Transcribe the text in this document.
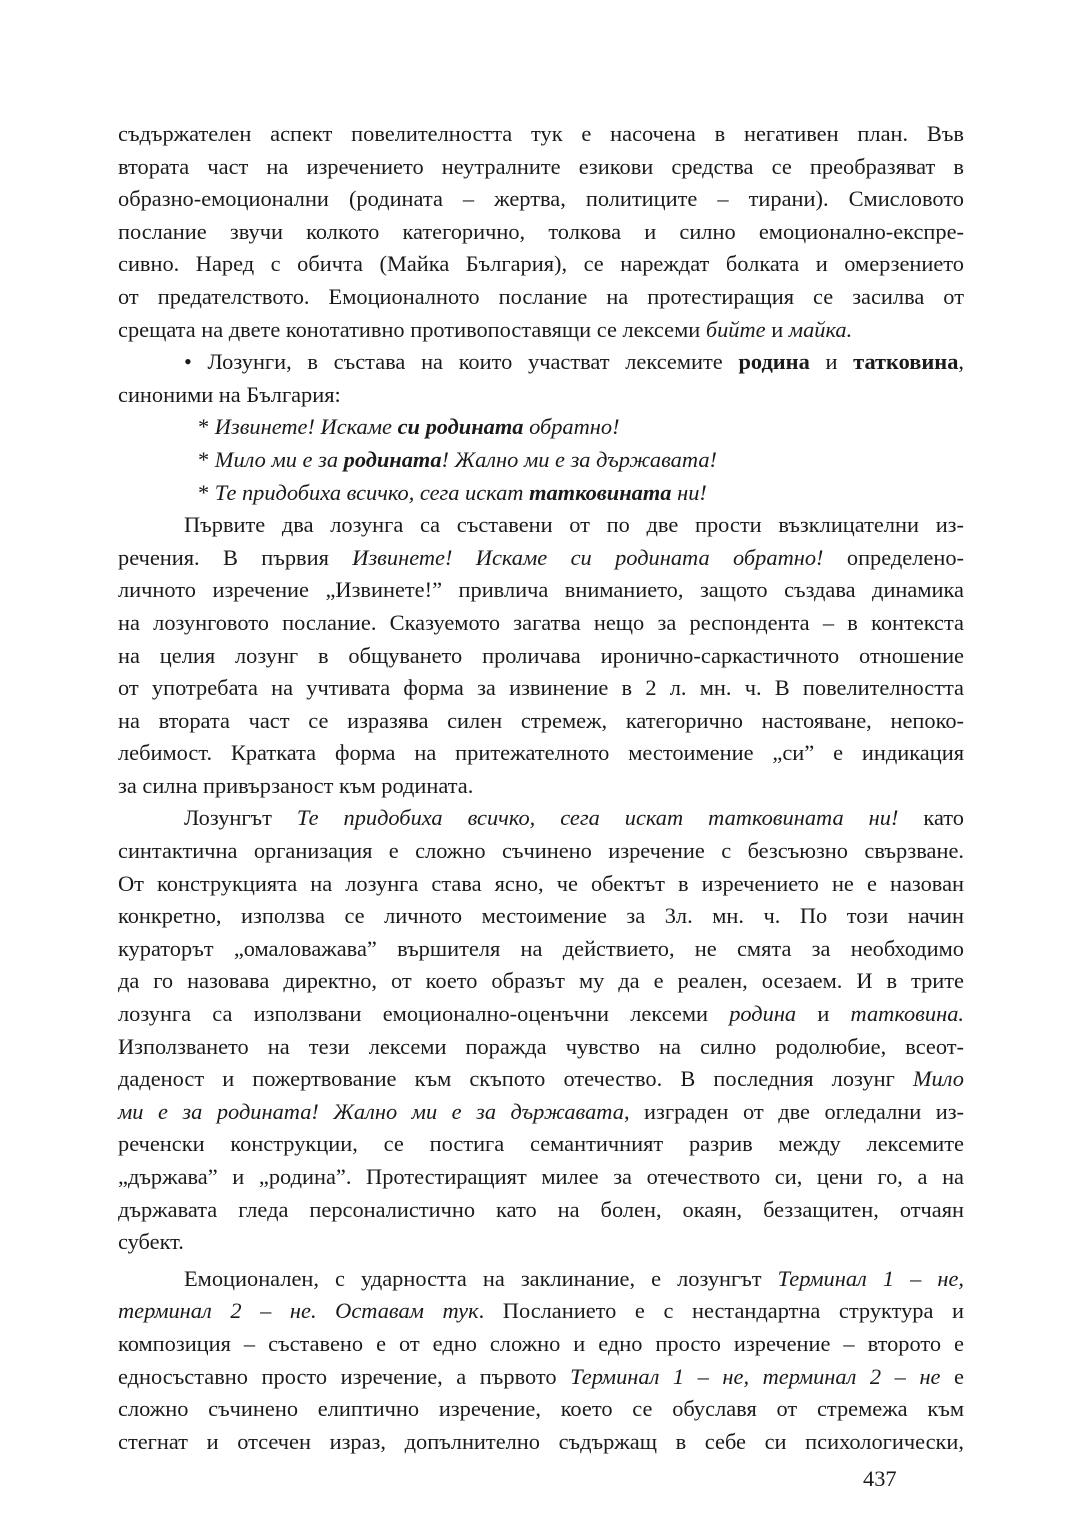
съдържателен аспект повелителността тук е насочена в негативен план. Във
втората част на изречението неутралните езикови средства се преобразяват в
образно-емоционални (родината – жертва, политиците – тирани). Смисловото
послание звучи колкото категорично, толкова и силно емоционално-експре-
сивно. Наред с обичта (Майка България), се нареждат болката и омерзението
от предателството. Емоционалното послание на протестиращия се засилва от
срещата на двете конотативно противопоставящи се лексеми бийте и майка.
• Лозунги, в състава на които участват лексемите родина и татковина,
синоними на България:
* Извинете! Искаме си родината обратно!
* Мило ми е за родината! Жално ми е за държавата!
* Те придобиха всичко, сега искат татковината ни!
Първите два лозунга са съставени от по две прости възклицателни из-
речения. В първия Извинете! Искаме си родината обратно! определено-
личното изречение „Извинете!” привлича вниманието, защото създава динамика
на лозунговото послание. Сказуемото загатва нещо за респондента – в контекста
на целия лозунг в общуването проличава иронично-саркастичното отношение
от употребата на учтивата форма за извинение в 2 л. мн. ч. В повелителността
на втората част се изразява силен стремеж, категорично настояване, непоко-
лебимост. Кратката форма на притежателното местоимение „си” е индикация
за силна привързаност към родината.
Лозунгът Те придобиха всичко, сега искат татковината ни! като
синтактична организация е сложно съчинено изречение с безсъюзно свързване.
От конструкцията на лозунга става ясно, че обектът в изречението не е назован
конкретно, използва се личното местоимение за 3л. мн. ч. По този начин
кураторът „омаловажава” вършителя на действието, не смята за необходимо
да го назовава директно, от което образът му да е реален, осезаем. И в трите
лозунга са използвани емоционално-оценъчни лексеми родина и татковина.
Използването на тези лексеми поражда чувство на силно родолюбие, всеот-
даденост и пожертвование към скъпото отечество. В последния лозунг Мило
ми е за родината! Жално ми е за държавата, изграден от две огледални из-
реченски конструкции, се постига семантичният разрив между лексемите
„държава” и „родина”. Протестиращият милее за отечеството си, цени го, а на
държавата гледа персоналистично като на болен, окаян, беззащитен, отчаян
субект.
Емоционален, с ударността на заклинание, е лозунгът Терминал 1 – не,
терминал 2 – не. Оставам тук. Посланието е с нестандартна структура и
композиция – съставено е от едно сложно и едно просто изречение – второто е
едносъставно просто изречение, а първото Терминал 1 – не, терминал 2 – не е
сложно съчинено елиптично изречение, което се обуславя от стремежа към
стегнат и отсечен израз, допълнително съдържащ в себе си психологически,
437
